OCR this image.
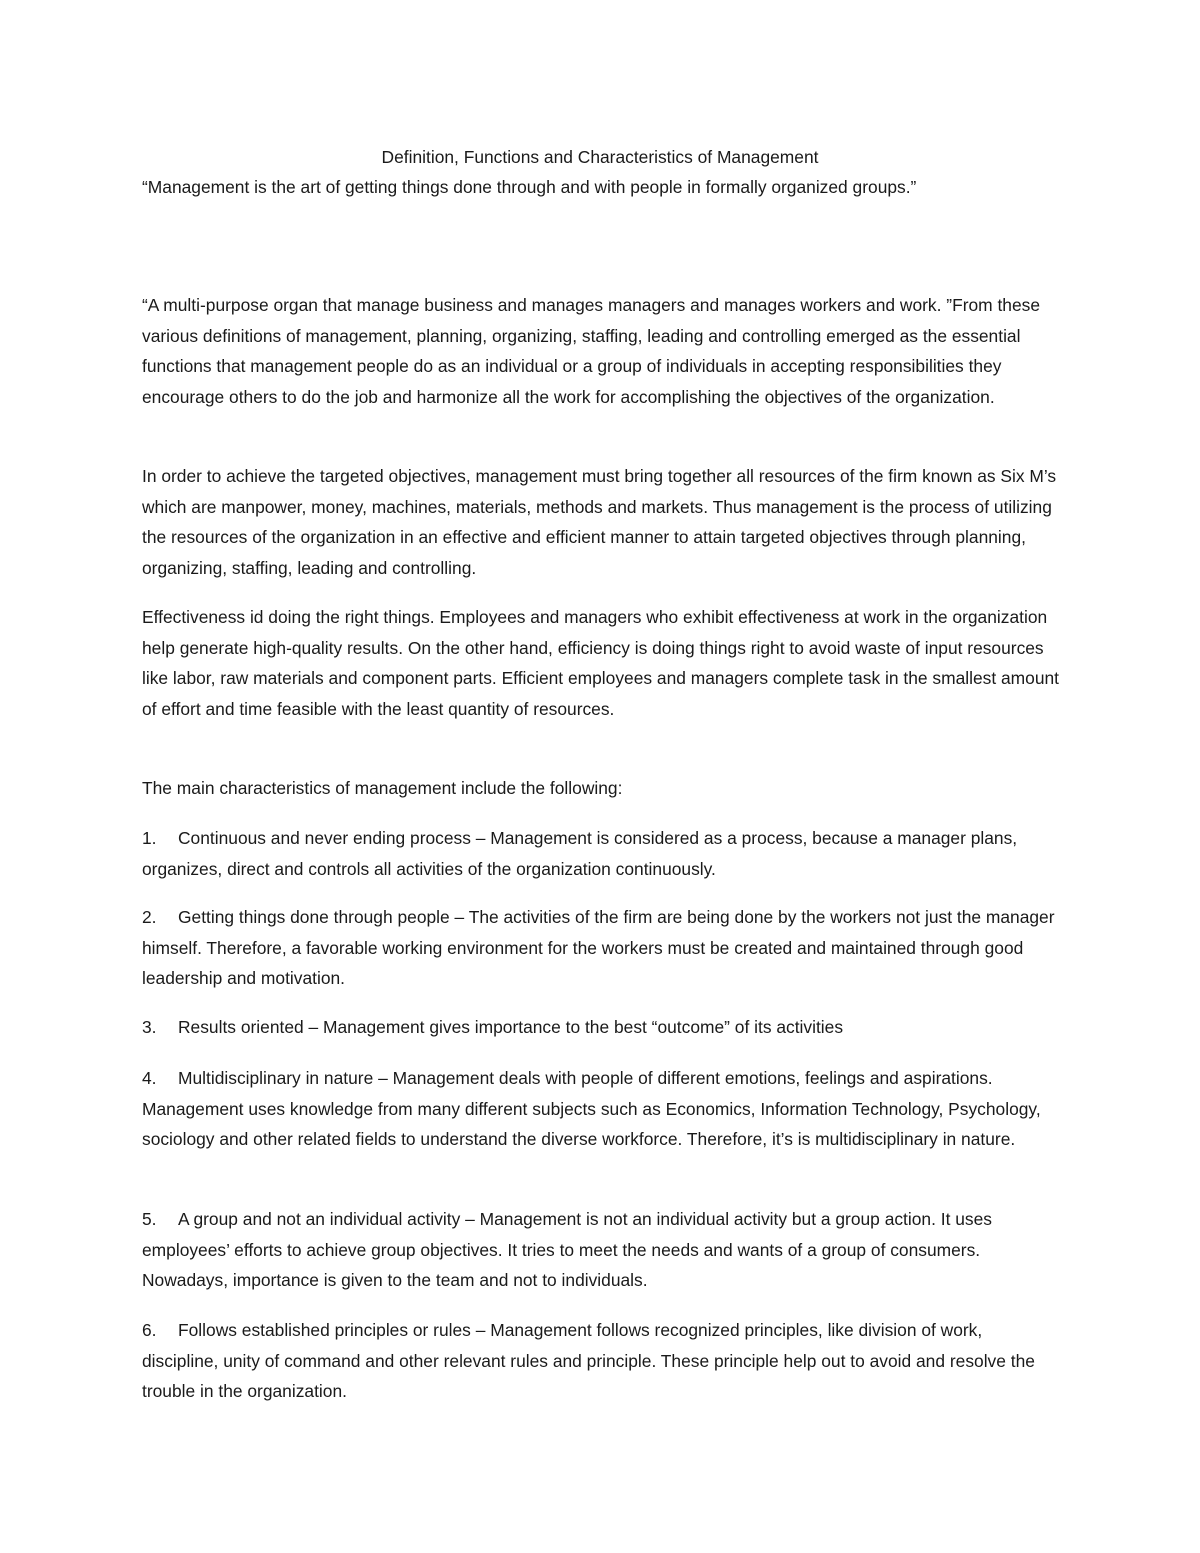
Definition, Functions and Characteristics of Management

“Management is the art of getting things done through and with people in formally organized groups.”

“A multi-purpose organ that manage business and manages managers and manages workers and work. ”From these various definitions of management, planning, organizing, staffing, leading and controlling emerged as the essential functions that management people do as an individual or a group of individuals in accepting responsibilities they encourage others to do the job and harmonize all the work for accomplishing the objectives of the organization.

In order to achieve the targeted objectives, management must bring together all resources of the firm known as Six M’s which are manpower, money, machines, materials, methods and markets. Thus management is the process of utilizing the resources of the organization in an effective and efficient manner to attain targeted objectives through planning, organizing, staffing, leading and controlling.

Effectiveness id doing the right things. Employees and managers who exhibit effectiveness at work in the organization help generate high-quality results. On the other hand, efficiency is doing things right to avoid waste of input resources like labor, raw materials and component parts. Efficient employees and managers complete task in the smallest amount of effort and time feasible with the least quantity of resources.

The main characteristics of management include the following:

1. Continuous and never ending process – Management is considered as a process, because a manager plans, organizes, direct and controls all activities of the organization continuously.

2. Getting things done through people – The activities of the firm are being done by the workers not just the manager himself. Therefore, a favorable working environment for the workers must be created and maintained through good leadership and motivation.

3. Results oriented – Management gives importance to the best “outcome” of its activities

4. Multidisciplinary in nature – Management deals with people of different emotions, feelings and aspirations. Management uses knowledge from many different subjects such as Economics, Information Technology, Psychology, sociology and other related fields to understand the diverse workforce. Therefore, it’s is multidisciplinary in nature.

5. A group and not an individual activity – Management is not an individual activity but a group action. It uses employees’ efforts to achieve group objectives. It tries to meet the needs and wants of a group of consumers. Nowadays, importance is given to the team and not to individuals.

6. Follows established principles or rules – Management follows recognized principles, like division of work, discipline, unity of command and other relevant rules and principle. These principle help out to avoid and resolve the trouble in the organization.
